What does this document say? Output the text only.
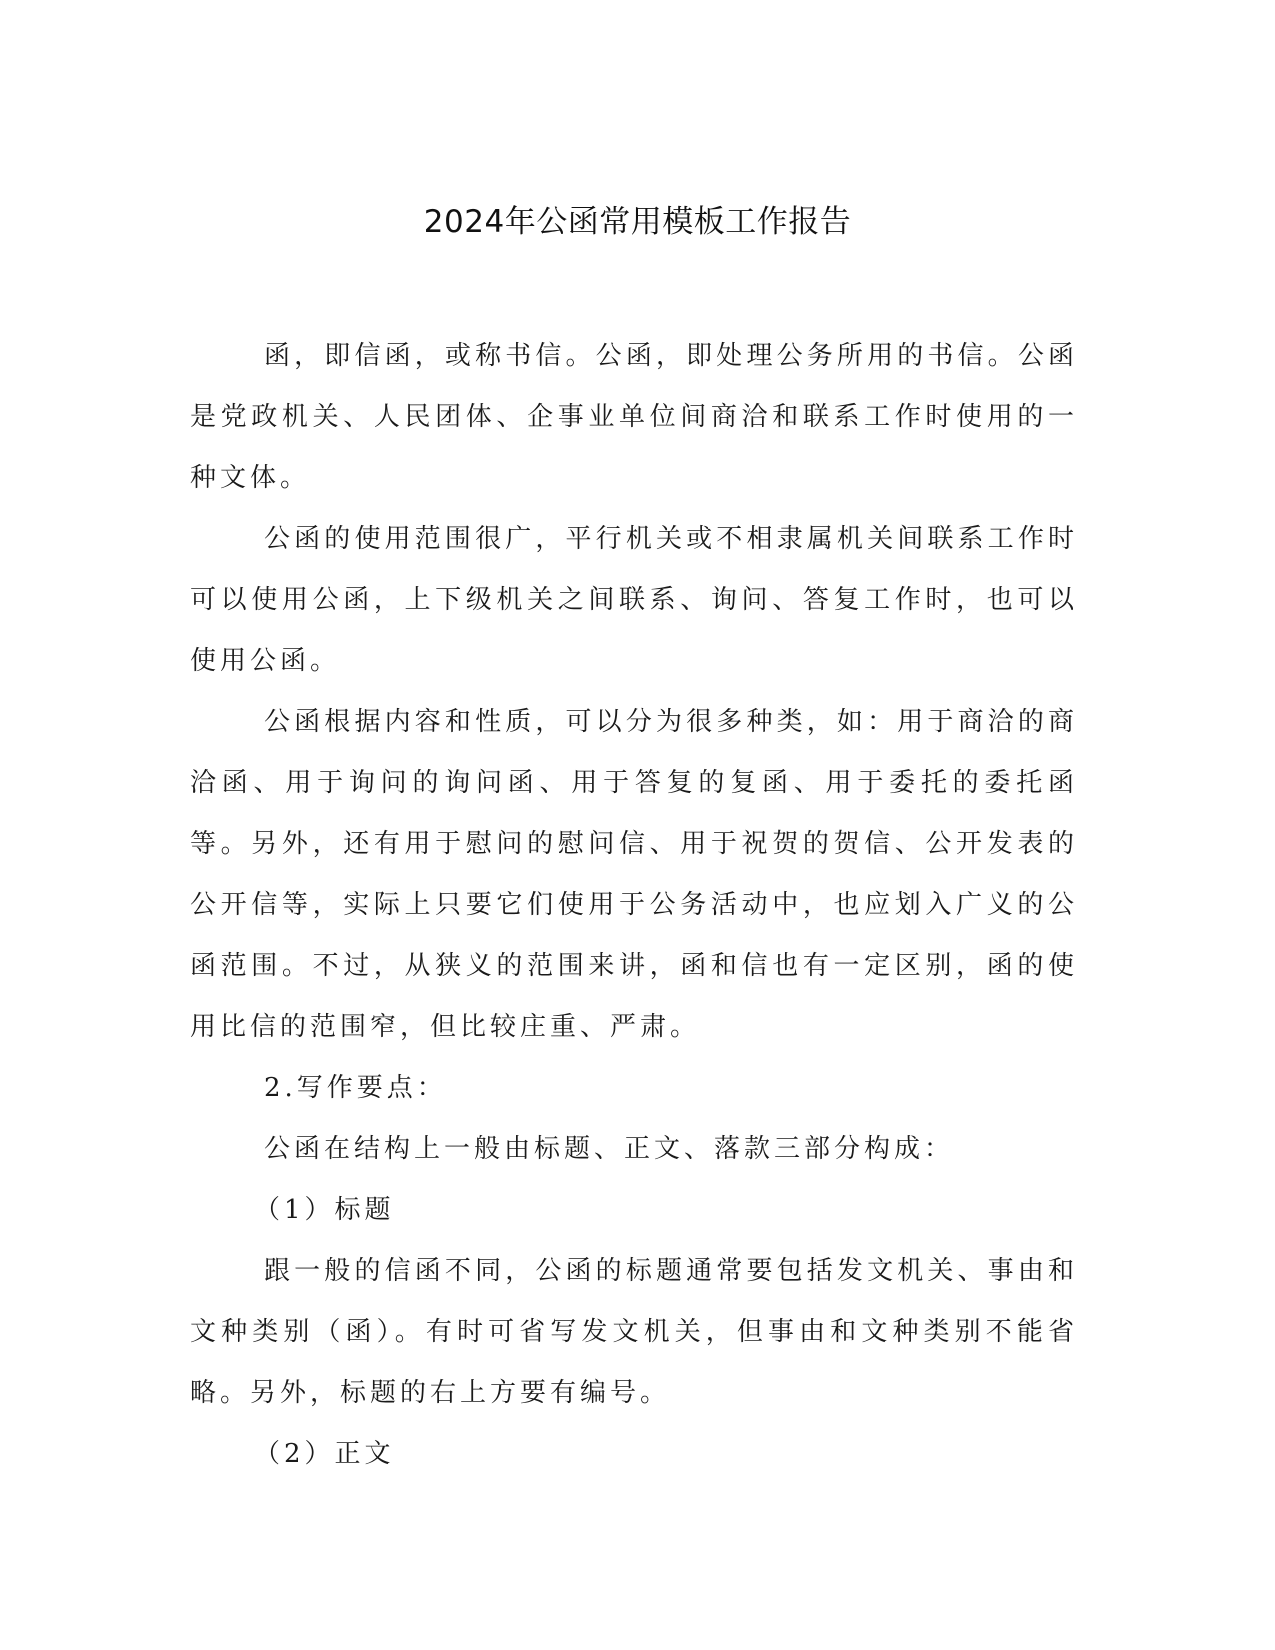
2024年公函常用模板工作报告

函，即信函，或称书信。公函，即处理公务所用的书信。公函是党政机关、人民团体、企事业单位间商洽和联系工作时使用的一种文体。

公函的使用范围很广，平行机关或不相隶属机关间联系工作时可以使用公函，上下级机关之间联系、询问、答复工作时，也可以使用公函。

公函根据内容和性质，可以分为很多种类，如：用于商洽的商洽函、用于询问的询问函、用于答复的复函、用于委托的委托函等。另外，还有用于慰问的慰问信、用于祝贺的贺信、公开发表的公开信等，实际上只要它们使用于公务活动中，也应划入广义的公函范围。不过，从狭义的范围来讲，函和信也有一定区别，函的使用比信的范围窄，但比较庄重、严肃。

2.写作要点：

公函在结构上一般由标题、正文、落款三部分构成：

（1）标题

跟一般的信函不同，公函的标题通常要包括发文机关、事由和文种类别（函）。有时可省写发文机关，但事由和文种类别不能省略。另外，标题的右上方要有编号。

（2）正文
